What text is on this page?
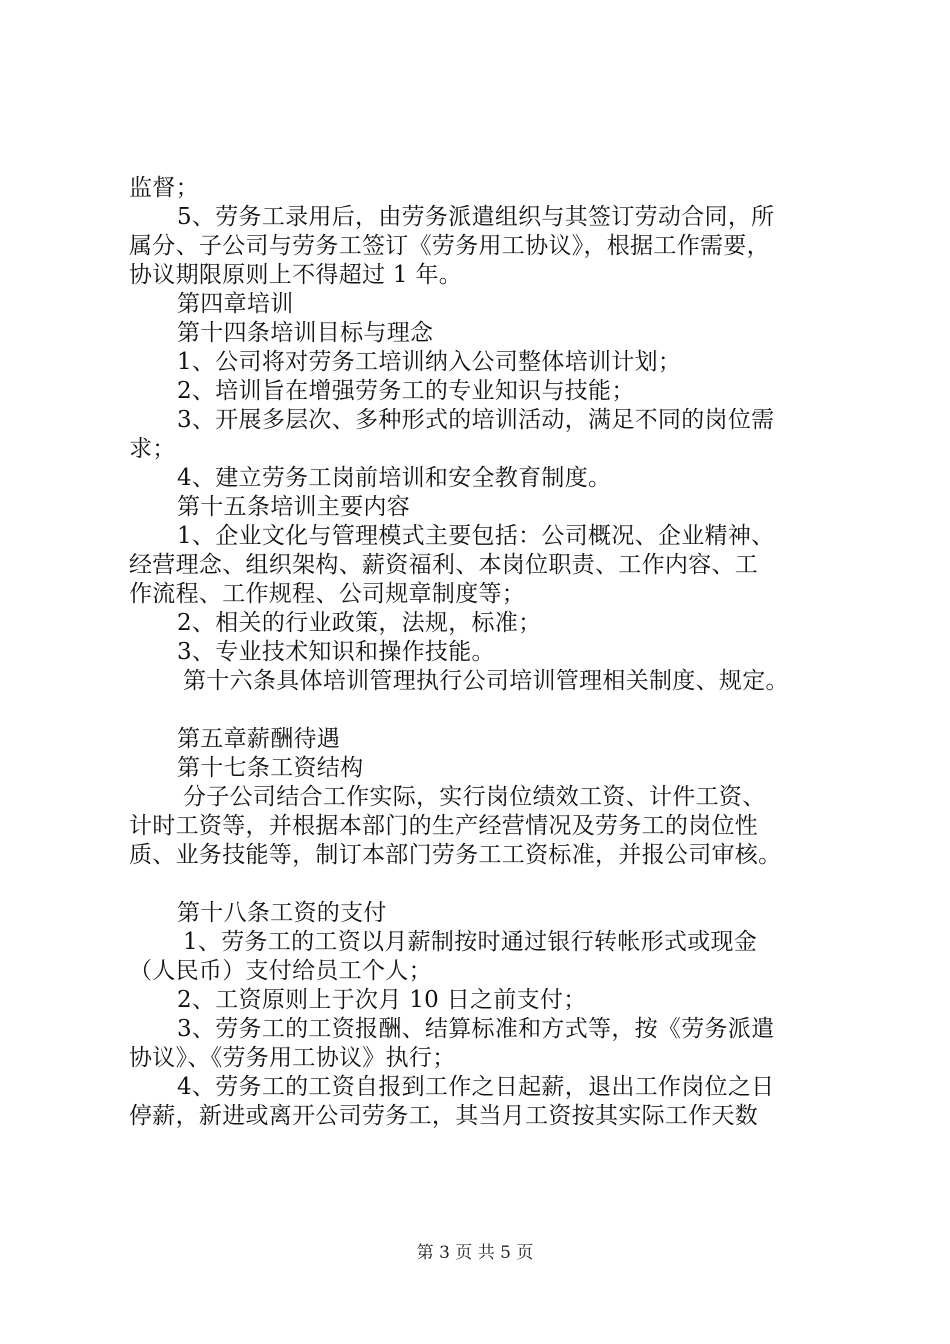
监督；
5、劳务工录用后，由劳务派遣组织与其签订劳动合同，所
属分、子公司与劳务工签订《劳务用工协议》，根据工作需要，
协议期限原则上不得超过 1 年。
第四章培训
第十四条培训目标与理念
1、公司将对劳务工培训纳入公司整体培训计划；
2、培训旨在增强劳务工的专业知识与技能；
3、开展多层次、多种形式的培训活动，满足不同的岗位需
求；
4、建立劳务工岗前培训和安全教育制度。
第十五条培训主要内容
1、企业文化与管理模式主要包括：公司概况、企业精神、
经营理念、组织架构、薪资福利、本岗位职责、工作内容、工
作流程、工作规程、公司规章制度等；
2、相关的行业政策，法规，标准；
3、专业技术知识和操作技能。
第十六条具体培训管理执行公司培训管理相关制度、规定。
第五章薪酬待遇
第十七条工资结构
分子公司结合工作实际，实行岗位绩效工资、计件工资、
计时工资等，并根据本部门的生产经营情况及劳务工的岗位性
质、业务技能等，制订本部门劳务工工资标准，并报公司审核。
第十八条工资的支付
1、劳务工的工资以月薪制按时通过银行转帐形式或现金
（人民币）支付给员工个人；
2、工资原则上于次月 10 日之前支付；
3、劳务工的工资报酬、结算标准和方式等，按《劳务派遣
协议》、《劳务用工协议》执行；
4、劳务工的工资自报到工作之日起薪，退出工作岗位之日
停薪，新进或离开公司劳务工，其当月工资按其实际工作天数
第 3 页 共 5 页
